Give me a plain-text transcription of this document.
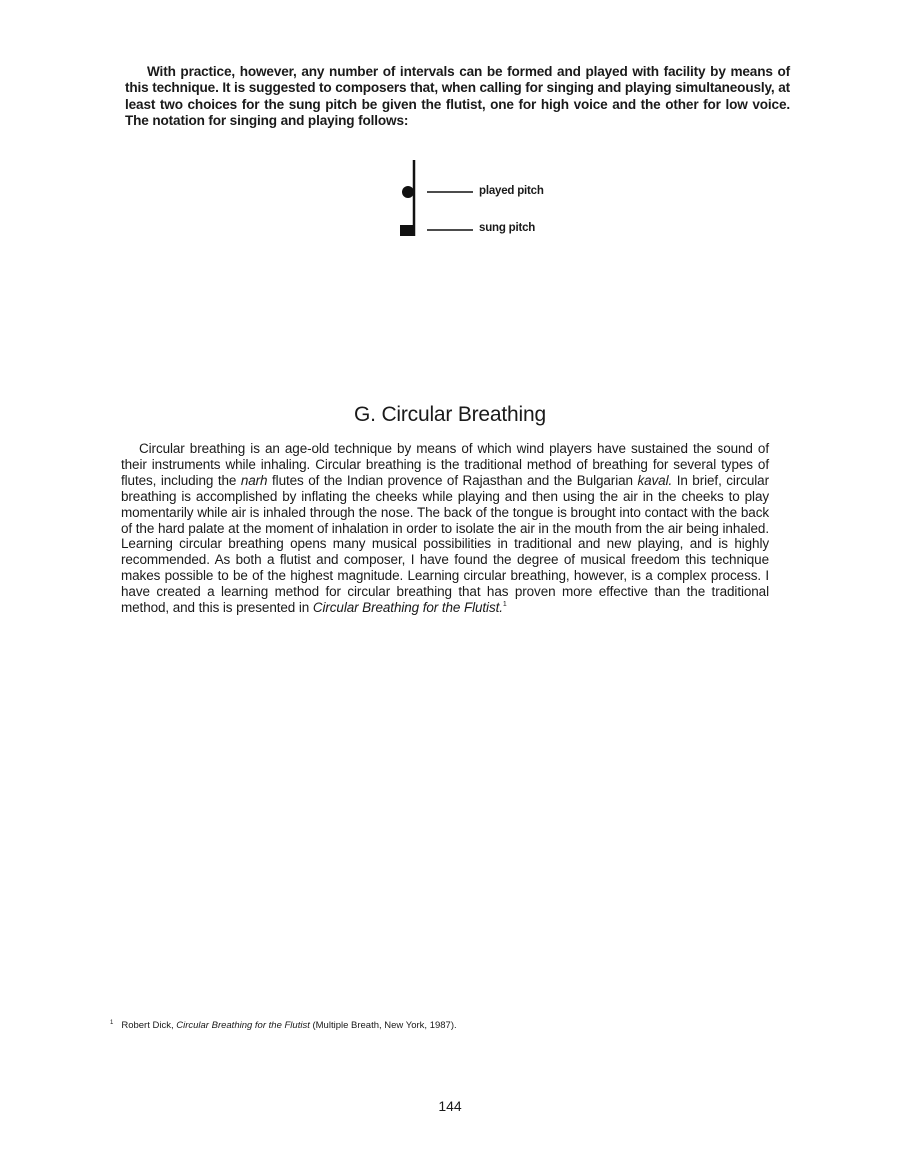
With practice, however, any number of intervals can be formed and played with facility by means of this technique. It is suggested to composers that, when calling for singing and playing simultaneously, at least two choices for the sung pitch be given the flutist, one for high voice and the other for low voice. The notation for singing and playing follows:

played pitch
sung pitch
G. Circular Breathing

Circular breathing is an age-old technique by means of which wind players have sustained the sound of their instruments while inhaling. Circular breathing is the traditional method of breathing for several types of flutes, including the narh flutes of the Indian provence of Rajasthan and the Bulgarian kaval. In brief, circular breathing is accomplished by inflating the cheeks while playing and then using the air in the cheeks to play momentarily while air is inhaled through the nose. The back of the tongue is brought into contact with the back of the hard palate at the moment of inhalation in order to isolate the air in the mouth from the air being inhaled. Learning circular breathing opens many musical possibilities in traditional and new playing, and is highly recommended. As both a flutist and composer, I have found the degree of musical freedom this technique makes possible to be of the highest magnitude. Learning circular breathing, however, is a complex process. I have created a learning method for circular breathing that has proven more effective than the traditional method, and this is presented in Circular Breathing for the Flutist.$^1$

$^1$ Robert Dick, Circular Breathing for the Flutist (Multiple Breath, New York, 1987).

144
